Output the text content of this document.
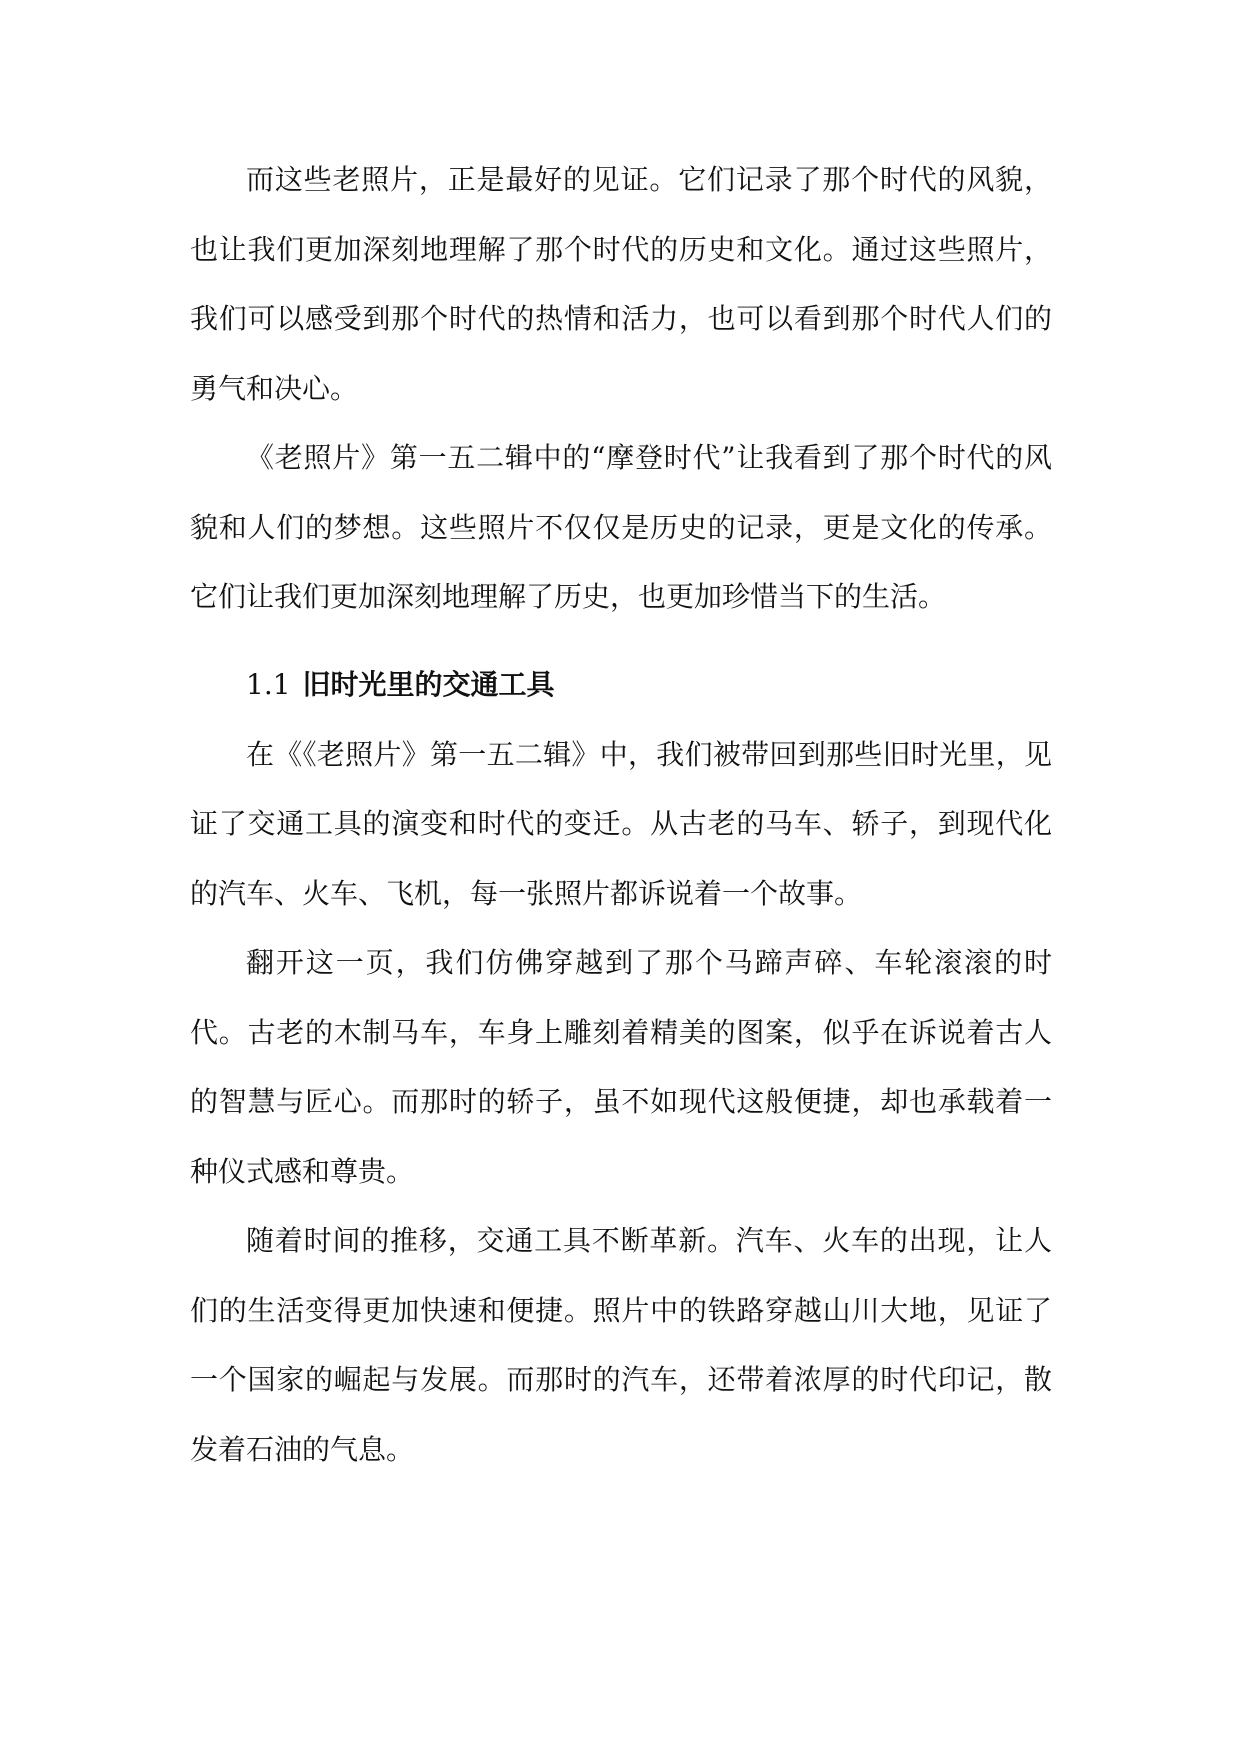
而这些老照片，正是最好的见证。它们记录了那个时代的风貌，也让我们更加深刻地理解了那个时代的历史和文化。通过这些照片，我们可以感受到那个时代的热情和活力，也可以看到那个时代人们的勇气和决心。

《老照片》第一五二辑中的“摩登时代”让我看到了那个时代的风貌和人们的梦想。这些照片不仅仅是历史的记录，更是文化的传承。它们让我们更加深刻地理解了历史，也更加珍惜当下的生活。

1.1 旧时光里的交通工具

在《《老照片》第一五二辑》中，我们被带回到那些旧时光里，见证了交通工具的演变和时代的变迁。从古老的马车、轿子，到现代化的汽车、火车、飞机，每一张照片都诉说着一个故事。

翻开这一页，我们仿佛穿越到了那个马蹄声碎、车轮滚滚的时代。古老的木制马车，车身上雕刻着精美的图案，似乎在诉说着古人的智慧与匠心。而那时的轿子，虽不如现代这般便捷，却也承载着一种仪式感和尊贵。

随着时间的推移，交通工具不断革新。汽车、火车的出现，让人们的生活变得更加快速和便捷。照片中的铁路穿越山川大地，见证了一个国家的崛起与发展。而那时的汽车，还带着浓厚的时代印记，散发着石油的气息。
